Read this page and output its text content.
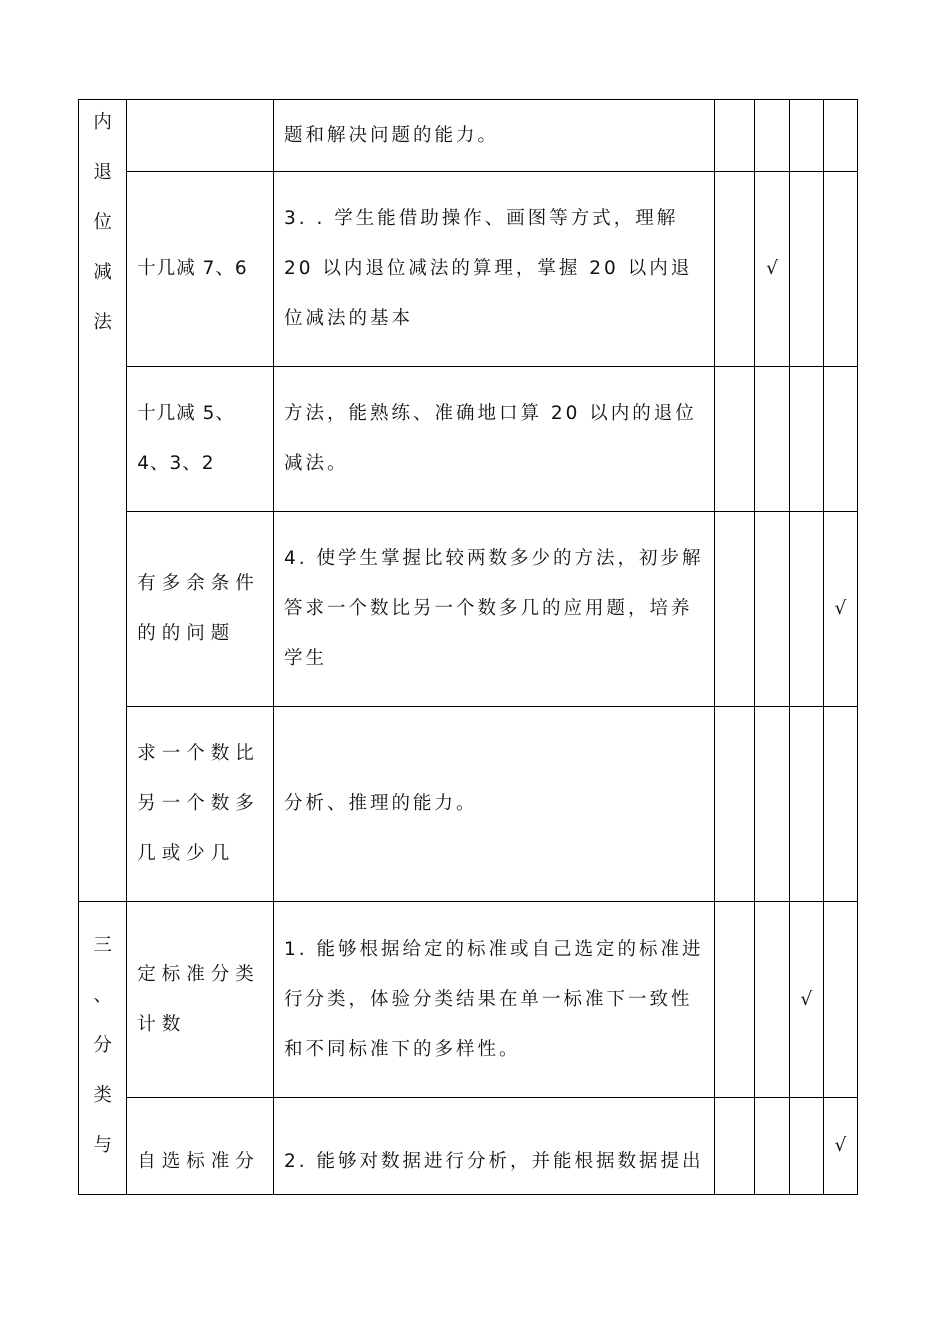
内
退
位
减
法		题和解决问题的能力。				

	十几减 7、6	3. . 学生能借助操作、画图等方式，理解 20 以内退位减法的算理，掌握 20 以内退位减法的基本		√		
	十几减 5、4、3、2	方法，能熟练、准确地口算 20 以内的退位减法。				
	有多余条件的的问题	4. 使学生掌握比较两数多少的方法，初步解答求一个数比另一个数多几的应用题，培养学生				√
	求一个数比另一个数多几或少几	分析、推理的能力。				

三
、
分
类
与	定标准分类计数	1. 能够根据给定的标准或自己选定的标准进行分类，体验分类结果在单一标准下一致性和不同标准下的多样性。			√	
	自选标准分	2. 能够对数据进行分析，并能根据数据提出				√
